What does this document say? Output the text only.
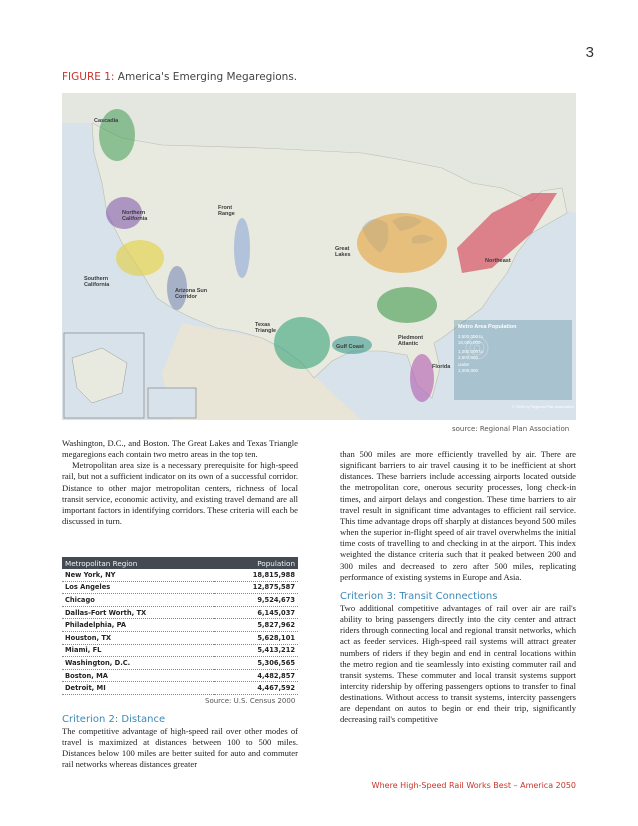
3
FIGURE 1: America's Emerging Megaregions.
Cascadia
Northern California
Southern California
Arizona Sun Corridor
Front Range
Great Lakes
Northeast
Texas Triangle
Gulf Coast
Piedmont Atlantic
Florida
Metro Area Population
2,500,000 to 10,000,000
1,000,000 to 2,500,000
under 1,000,000
© 2008 by Regional Plan Association
source: Regional Plan Association

Washington, D.C., and Boston. The Great Lakes and Texas Triangle megaregions each contain two metro areas in the top ten.

Metropolitan area size is a necessary prerequisite for high-speed rail, but not a sufficient indicator on its own of a successful corridor. Distance to other major metropolitan centers, richness of local transit service, economic activity, and existing travel demand are all important factors in identifying corridors. These criteria will each be discussed in turn.

Metropolitan Region	Population
New York, NY	18,815,988
Los Angeles	12,875,587
Chicago	9,524,673
Dallas-Fort Worth, TX	6,145,037
Philadelphia, PA	5,827,962
Houston, TX	5,628,101
Miami, FL	5,413,212
Washington, D.C.	5,306,565
Boston, MA	4,482,857
Detroit, MI	4,467,592
Source: U.S. Census 2000

Criterion 2: Distance

The competitive advantage of high-speed rail over other modes of travel is maximized at distances between 100 to 500 miles. Distances below 100 miles are better suited for auto and commuter rail networks whereas distances greater

than 500 miles are more efficiently travelled by air. There are significant barriers to air travel causing it to be inefficient at short distances. These barriers include accessing airports located outside the metropolitan core, onerous security processes, long check-in times, and airport delays and congestion. These time barriers to air travel result in significant time advantages to efficient rail service. This time advantage drops off sharply at distances beyond 500 miles when the superior in-flight speed of air travel overwhelms the initial time costs of travelling to and checking in at the airport. This index weighted the distance criteria such that it peaked between 200 and 300 miles and decreased to zero after 500 miles, replicating performance of existing systems in Europe and Asia.

Criterion 3: Transit Connections

Two additional competitive advantages of rail over air are rail's ability to bring passengers directly into the city center and attract riders through connecting local and regional transit networks, which act as feeder services. High-speed rail systems will attract greater numbers of riders if they begin and end in central locations within the metro region and tie seamlessly into existing commuter rail and transit systems. These commuter and local transit systems support intercity ridership by offering passengers options to transfer to final destinations. Without access to transit systems, intercity passengers are dependant on autos to begin or end their trip, significantly decreasing rail's competitive

Where High-Speed Rail Works Best – America 2050
